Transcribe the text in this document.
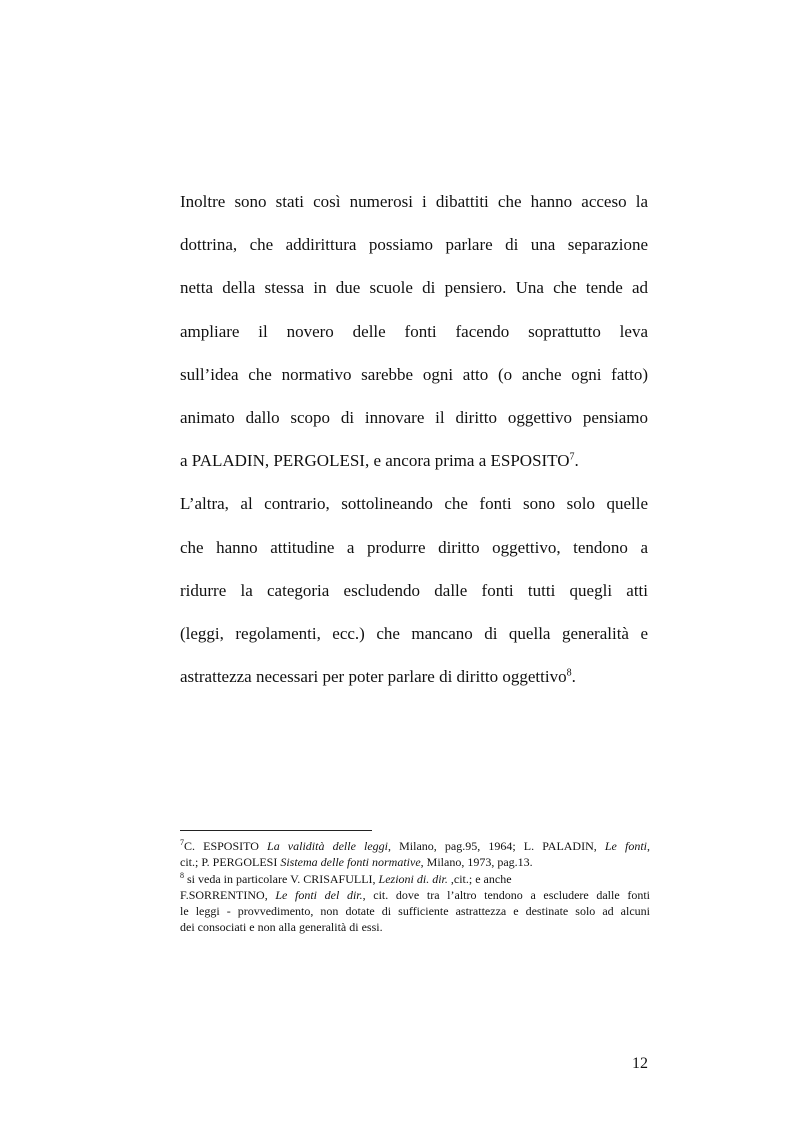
Inoltre sono stati così numerosi i dibattiti che hanno acceso la
dottrina, che addirittura possiamo parlare di una separazione
netta della stessa in due scuole di pensiero. Una che tende ad
ampliare il novero delle fonti facendo soprattutto leva
sull’idea che normativo sarebbe ogni atto (o anche ogni fatto)
animato dallo scopo di innovare il diritto oggettivo pensiamo
a PALADIN, PERGOLESI, e ancora prima a ESPOSITO$^7$.
L’altra, al contrario, sottolineando che fonti sono solo quelle
che hanno attitudine a produrre diritto oggettivo, tendono a
ridurre la categoria escludendo dalle fonti tutti quegli atti
(leggi, regolamenti, ecc.) che mancano di quella generalità e
astrattezza necessari per poter parlare di diritto oggettivo$^8$.
$^7$C. ESPOSITO La validità delle leggi, Milano, pag.95, 1964; L. PALADIN, Le fonti,
cit.; P. PERGOLESI Sistema delle fonti normative, Milano, 1973, pag.13.
$^8$ si veda in particolare V. CRISAFULLI, Lezioni di. dir. ,cit.; e anche
F.SORRENTINO, Le fonti del dir., cit. dove tra l’altro tendono a escludere dalle fonti
le leggi - provvedimento, non dotate di sufficiente astrattezza e destinate solo ad alcuni
dei consociati e non alla generalità di essi.
12
